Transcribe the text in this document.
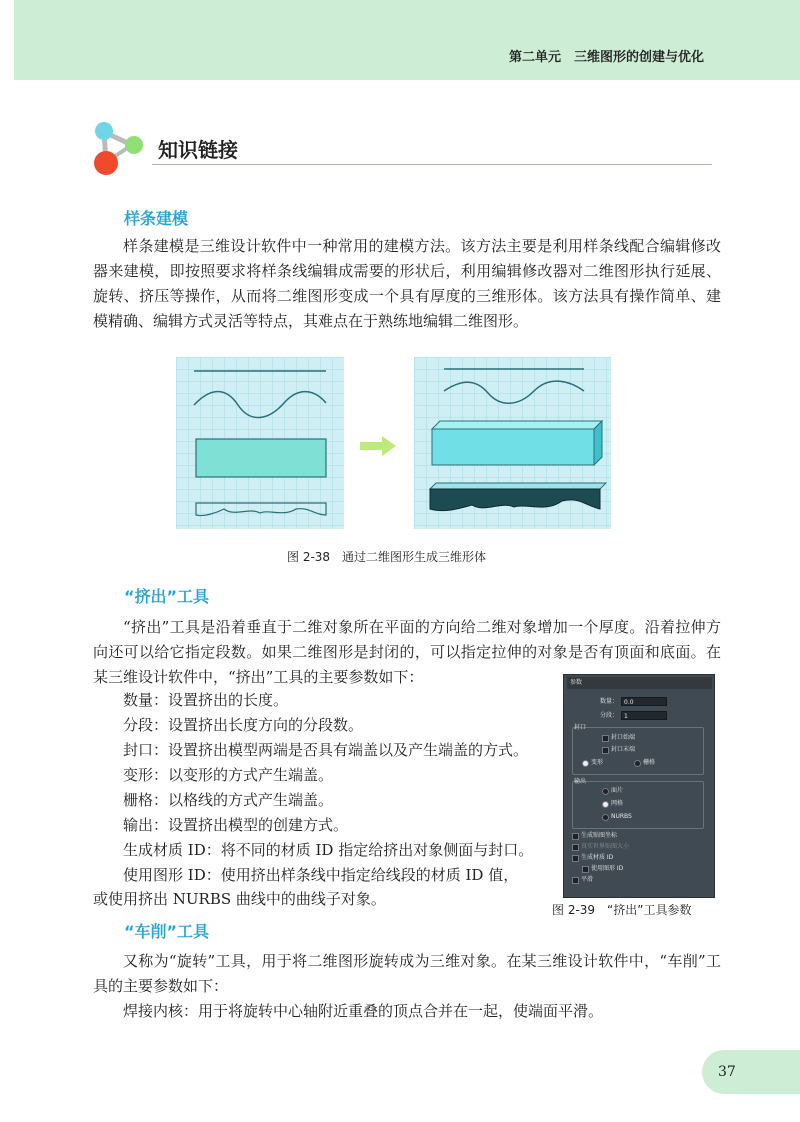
第二单元　三维图形的创建与优化
知识链接
样条建模
样条建模是三维设计软件中一种常用的建模方法。该方法主要是利用样条线配合编辑修改器来建模，即按照要求将样条线编辑成需要的形状后，利用编辑修改器对二维图形执行延展、旋转、挤压等操作，从而将二维图形变成一个具有厚度的三维形体。该方法具有操作简单、建模精确、编辑方式灵活等特点，其难点在于熟练地编辑二维图形。
图 2-38　通过二维图形生成三维形体
“挤出”工具
“挤出”工具是沿着垂直于二维对象所在平面的方向给二维对象增加一个厚度。沿着拉伸方向还可以给它指定段数。如果二维图形是封闭的，可以指定拉伸的对象是否有顶面和底面。在某三维设计软件中，“挤出”工具的主要参数如下：
数量：设置挤出的长度。
分段：设置挤出长度方向的分段数。
封口：设置挤出模型两端是否具有端盖以及产生端盖的方式。
变形：以变形的方式产生端盖。
栅格：以格线的方式产生端盖。
输出：设置挤出模型的创建方式。
生成材质 ID：将不同的材质 ID 指定给挤出对象侧面与封口。
使用图形 ID：使用挤出样条线中指定给线段的材质 ID 值，
或使用挤出 NURBS 曲线中的曲线子对象。
参数
数量： 0.0
分段： 1
封口
封口始端
封口末端
变形	栅格
输出
面片
网格
NURBS
生成贴图坐标
真实世界贴图大小
生成材质 ID
使用图形 ID
平滑
图 2-39　“挤出”工具参数
“车削”工具
又称为“旋转”工具，用于将二维图形旋转成为三维对象。在某三维设计软件中，“车削”工具的主要参数如下：
焊接内核：用于将旋转中心轴附近重叠的顶点合并在一起，使端面平滑。
37
